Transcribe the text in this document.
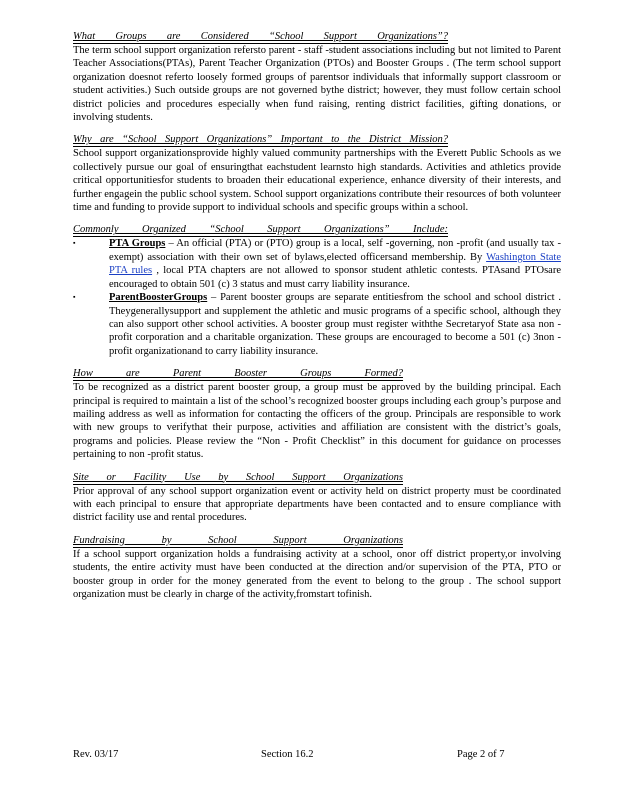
What Groups are Considered “School Support Organizations”?

The term school support organization refersto parent - staff -student associations including but not limited to Parent Teacher Associations(PTAs), Parent Teacher Organization (PTOs) and Booster Groups . (The term school support organization doesnot referto loosely formed groups of parentsor individuals that informally support classroom or student activities.) Such outside groups are not governed bythe district; however, they must follow certain school district policies and procedures especially when fund raising, renting district facilities, gifting donations, or involving students.

Why are “School Support Organizations” Important to the District Mission?

School support organizationsprovide highly valued community partnerships with the Everett Public Schools as we collectively pursue our goal of ensuringthat eachstudent learnsto high standards. Activities and athletics provide critical opportunitiesfor students to broaden their educational experience, enhance diversity of their interests, and further engagein the public school system. School support organizations contribute their resources of both volunteer time and funding to provide support to individual schools and specific groups within a school.

Commonly Organized “School Support Organizations” Include:
▪	PTA Groups – An official (PTA) or (PTO) group is a local, self -governing, non -profit (and usually tax -exempt) association with their own set of bylaws,elected officersand membership. By Washington State PTA rules , local PTA chapters are not allowed to sponsor student athletic contests. PTAsand PTOsare encouraged to obtain 501 (c) 3 status and must carry liability insurance.
▪	ParentBoosterGroups – Parent booster groups are separate entitiesfrom the school and school district . Theygenerallysupport and supplement the athletic and music programs of a specific school, although they can also support other school activities. A booster group must register withthe Secretaryof State asa non -profit corporation and a charitable organization. These groups are encouraged to become a 501 (c) 3non -profit organizationand to carry liability insurance.
How are Parent Booster Groups Formed?

To be recognized as a district parent booster group, a group must be approved by the building principal. Each principal is required to maintain a list of the school’s recognized booster groups including each group’s purpose and mailing address as well as information for contacting the officers of the group. Principals are responsible to work with new groups to verifythat their purpose, activities and affiliation are consistent with the district’s goals, programs and policies. Please review the “Non - Profit Checklist” in this document for guidance on processes pertaining to non -profit status.

Site or Facility Use by School Support Organizations

Prior approval of any school support organization event or activity held on district property must be coordinated with each principal to ensure that appropriate departments have been contacted and to ensure compliance with district facility use and rental procedures.

Fundraising by School Support Organizations

If a school support organization holds a fundraising activity at a school, onor off district property,or involving students, the entire activity must have been conducted at the direction and/or supervision of the PTA, PTO or booster group in order for the money generated from the event to belong to the group . The school support organization must be clearly in charge of the activity,fromstart tofinish.

Rev. 03/17	Section 16.2	Page 2 of 7
